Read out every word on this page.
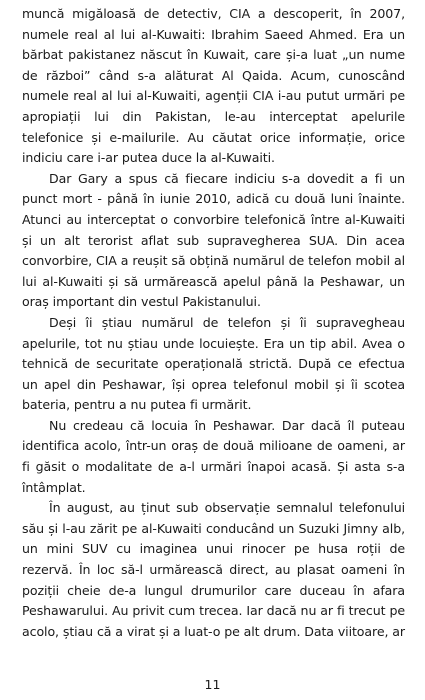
muncă migăloasă de detectiv, CIA a descoperit, în 2007, numele real al lui al-Kuwaiti: Ibrahim Saeed Ahmed. Era un bărbat pakistanez născut în Kuwait, care și-a luat „un nume de război” când s-a alăturat Al Qaida. Acum, cunoscând numele real al lui al-Kuwaiti, agenții CIA i-au putut urmări pe apropiații lui din Pakistan, le-au interceptat apelurile telefonice și e-mailurile. Au căutat orice informație, orice indiciu care i-ar putea duce la al-Kuwaiti.

Dar Gary a spus că fiecare indiciu s-a dovedit a fi un punct mort - până în iunie 2010, adică cu două luni înainte. Atunci au interceptat o convorbire telefonică între al-Kuwaiti și un alt terorist aflat sub supravegherea SUA. Din acea convorbire, CIA a reușit să obțină numărul de telefon mobil al lui al-Kuwaiti și să urmărească apelul până la Peshawar, un oraș important din vestul Pakistanului.

Deși îi știau numărul de telefon și îi supravegheau apelurile, tot nu știau unde locuiește. Era un tip abil. Avea o tehnică de securitate operațională strictă. După ce efectua un apel din Peshawar, își oprea telefonul mobil și îi scotea bateria, pentru a nu putea fi urmărit.

Nu credeau că locuia în Peshawar. Dar dacă îl puteau identifica acolo, într-un oraș de două milioane de oameni, ar fi găsit o modalitate de a-l urmări înapoi acasă. Și asta s-a întâmplat.

În august, au ținut sub observație semnalul telefonului său și l-au zărit pe al-Kuwaiti conducând un Suzuki Jimny alb, un mini SUV cu imaginea unui rinocer pe husa roții de rezervă. În loc să-l urmărească direct, au plasat oameni în poziții cheie de-a lungul drumurilor care duceau în afara Peshawarului. Au privit cum trecea. Iar dacă nu ar fi trecut pe acolo, știau că a virat și a luat-o pe alt drum. Data viitoare, ar

11
